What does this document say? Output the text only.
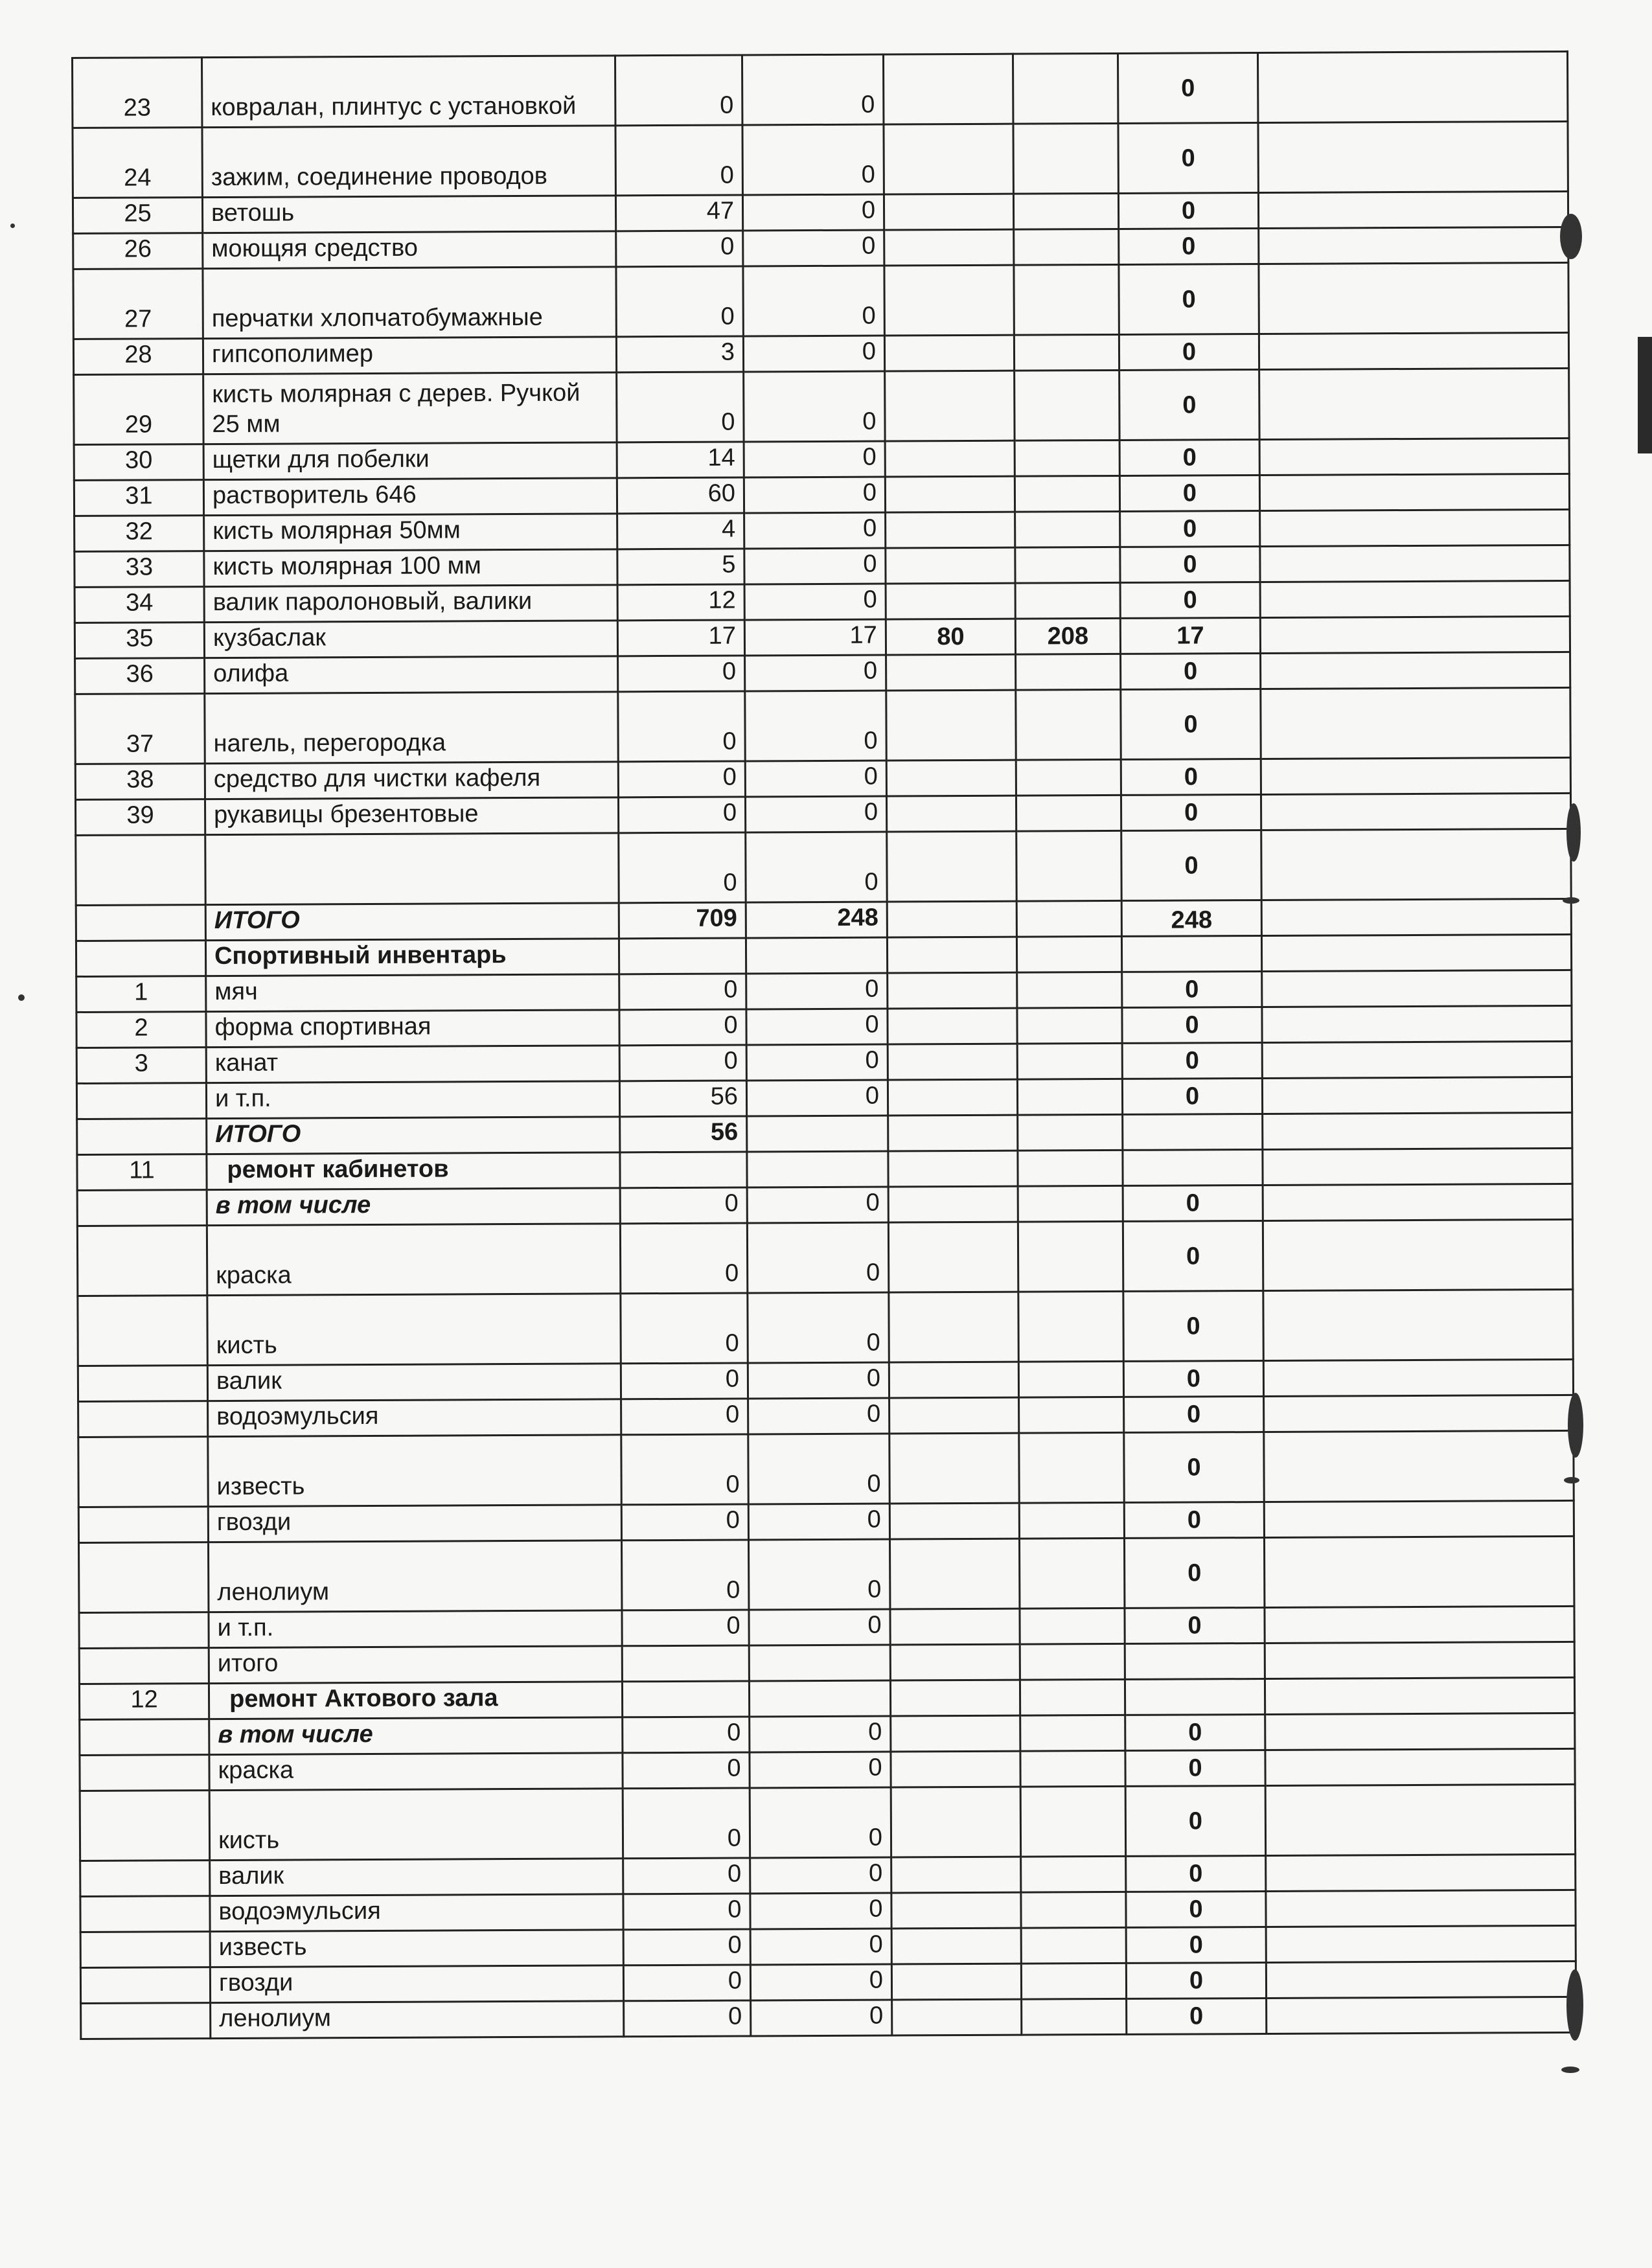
23	ковралан, плинтус с установкой	0	0			0	
24	зажим, соединение проводов	0	0			0	
25	ветошь	47	0			0	
26	моющяя средство	0	0			0	
27	перчатки хлопчатобумажные	0	0			0	
28	гипсополимер	3	0			0	
29	кисть молярная с дерев. Ручкой 25 мм	0	0			0	
30	щетки для побелки	14	0			0	
31	растворитель 646	60	0			0	
32	кисть молярная 50мм	4	0			0	
33	кисть молярная 100 мм	5	0			0	
34	валик паролоновый, валики	12	0			0	
35	кузбаслак	17	17	80	208	17	
36	олифа	0	0			0	
37	нагель, перегородка	0	0			0	
38	средство для чистки кафеля	0	0			0	
39	рукавицы брезентовые	0	0			0	
		0	0			0	
	ИТОГО	709	248			248	
	Спортивный инвентарь						
1	мяч	0	0			0	
2	форма спортивная	0	0			0	
3	канат	0	0			0	
	и т.п.	56	0			0	
	ИТОГО	56					
11	ремонт кабинетов						
	в том числе	0	0			0	
	краска	0	0			0	
	кисть	0	0			0	
	валик	0	0			0	
	водоэмульсия	0	0			0	
	известь	0	0			0	
	гвозди	0	0			0	
	ленолиум	0	0			0	
	и т.п.	0	0			0	
	итого						
12	ремонт Актового зала						
	в том числе	0	0			0	
	краска	0	0			0	
	кисть	0	0			0	
	валик	0	0			0	
	водоэмульсия	0	0			0	
	известь	0	0			0	
	гвозди	0	0			0	
	ленолиум	0	0			0	
